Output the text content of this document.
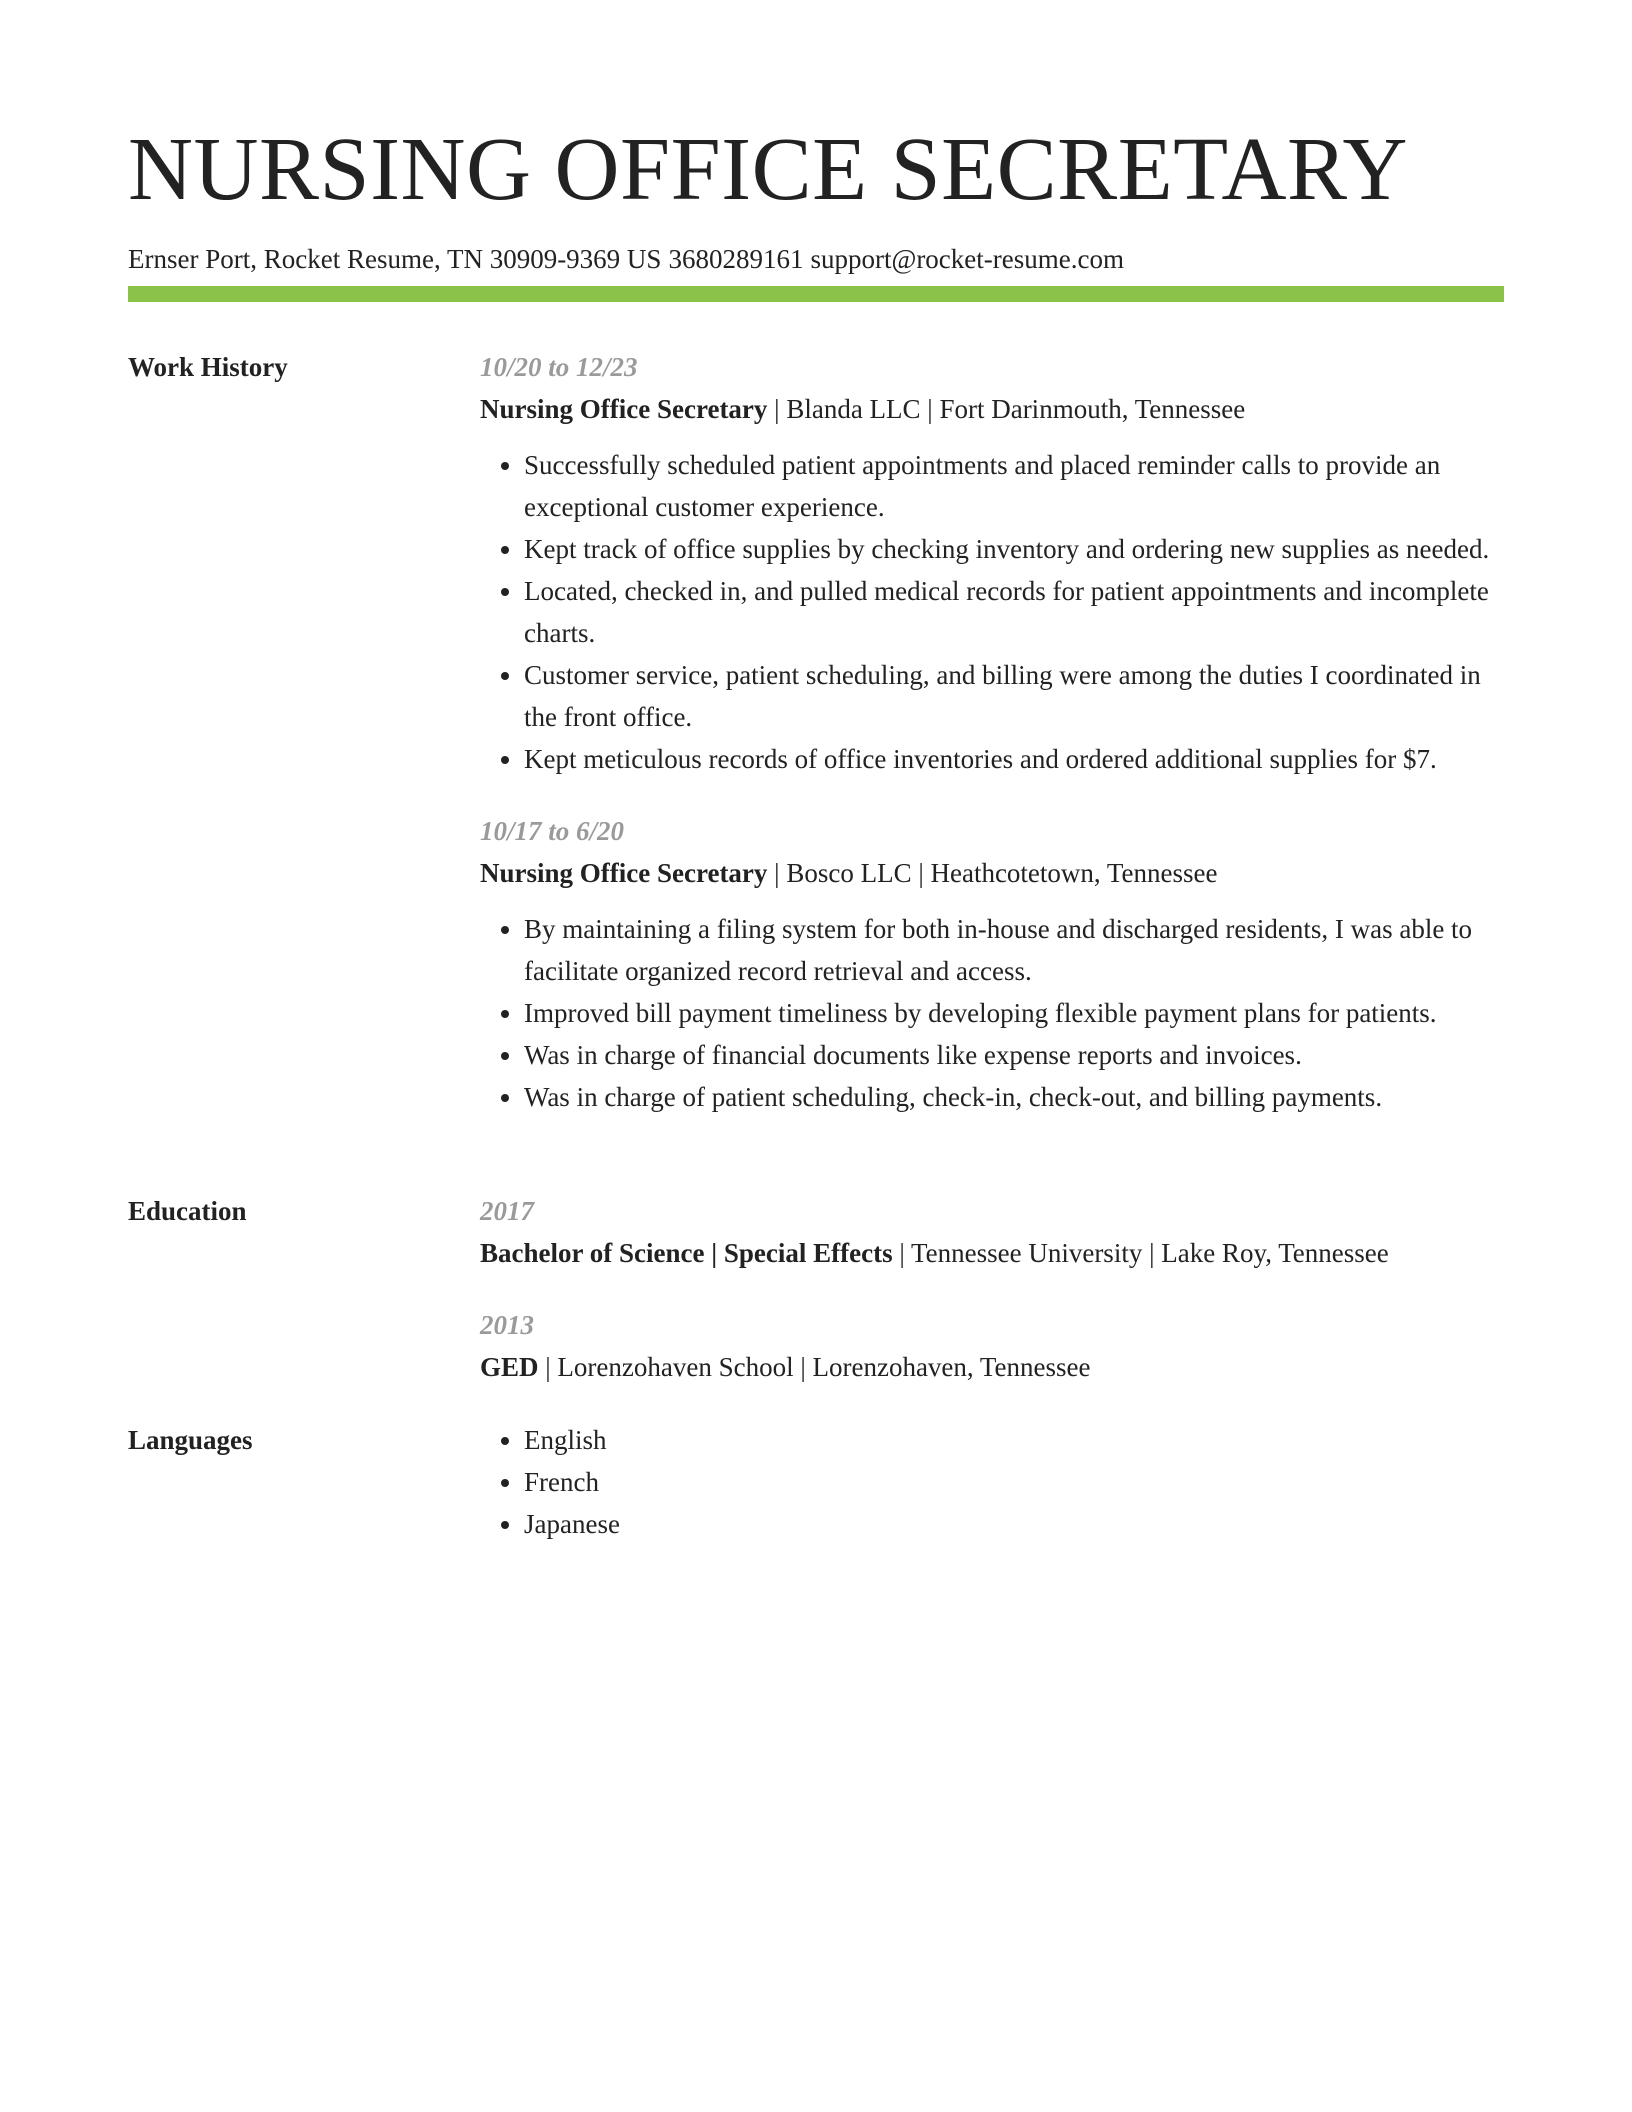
NURSING OFFICE SECRETARY
Ernser Port, Rocket Resume, TN 30909-9369 US 3680289161 support@rocket-resume.com
Work History	10/20 to 12/23
Nursing Office Secretary | Blanda LLC | Fort Darinmouth, Tennessee
• Successfully scheduled patient appointments and placed reminder calls to provide an exceptional customer experience.
• Kept track of office supplies by checking inventory and ordering new supplies as needed.
• Located, checked in, and pulled medical records for patient appointments and incomplete charts.
• Customer service, patient scheduling, and billing were among the duties I coordinated in the front office.
• Kept meticulous records of office inventories and ordered additional supplies for $7.
10/17 to 6/20
Nursing Office Secretary | Bosco LLC | Heathcotetown, Tennessee
• By maintaining a filing system for both in-house and discharged residents, I was able to facilitate organized record retrieval and access.
• Improved bill payment timeliness by developing flexible payment plans for patients.
• Was in charge of financial documents like expense reports and invoices.
• Was in charge of patient scheduling, check-in, check-out, and billing payments.
Education	2017
Bachelor of Science | Special Effects | Tennessee University | Lake Roy, Tennessee
2013
GED | Lorenzohaven School | Lorenzohaven, Tennessee
Languages
•	English
• French
• Japanese
